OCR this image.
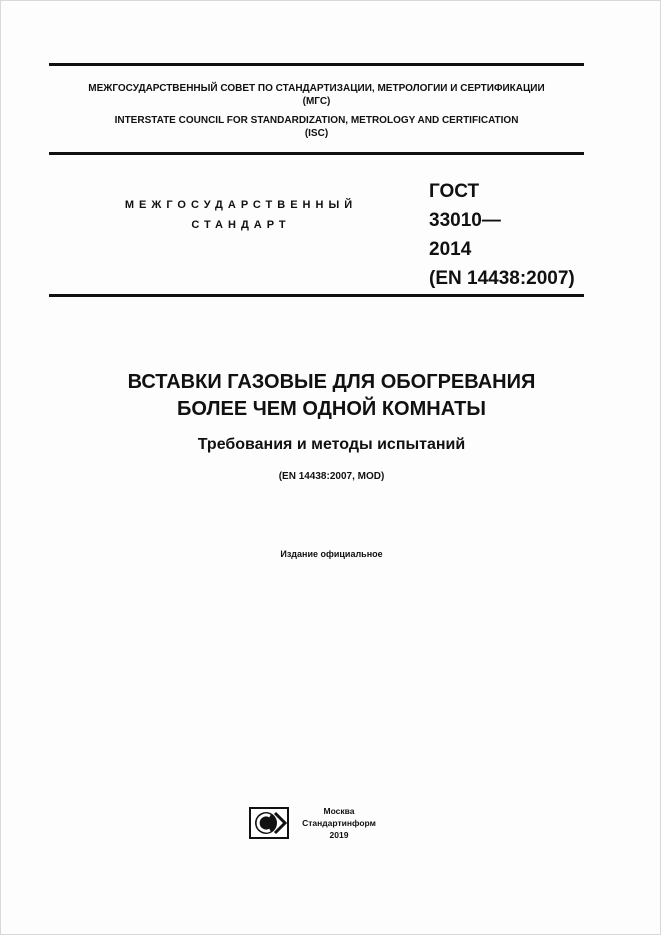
МЕЖГОСУДАРСТВЕННЫЙ СОВЕТ ПО СТАНДАРТИЗАЦИИ, МЕТРОЛОГИИ И СЕРТИФИКАЦИИ
(МГС)
INTERSTATE COUNCIL FOR STANDARDIZATION, METROLOGY AND CERTIFICATION
(ISC)
МЕЖГОСУДАРСТВЕННЫЙ
СТАНДАРТ
ГОСТ
33010—
2014
(EN 14438:2007)
ВСТАВКИ ГАЗОВЫЕ ДЛЯ ОБОГРЕВАНИЯ
БОЛЕЕ ЧЕМ ОДНОЙ КОМНАТЫ
Требования и методы испытаний
(EN 14438:2007, MOD)
Издание официальное
Москва
Стандартинформ
2019
